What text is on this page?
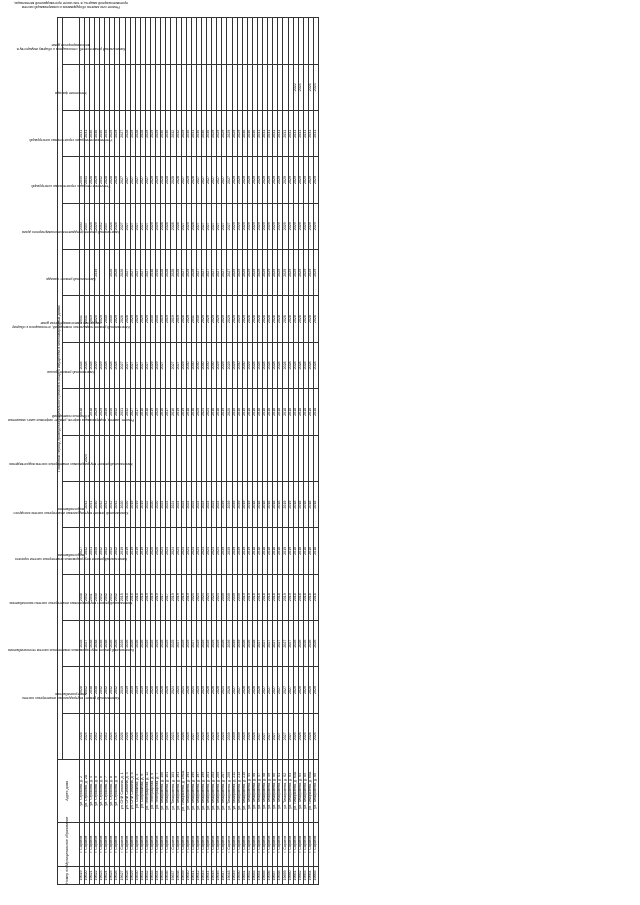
Номер п/п	Муниципальное образование	Адрес дома	Плановый период проведения капитального ремонта общего имущества в многоквартирных домах															
			Капитальный ремонт внутридомовых инженерных систем электроснабжения	Капитальный ремонт внутридомовых инженерных систем теплоснабжения	Капитальный ремонт внутридомовых инженерных систем газоснабжения	Капитальный ремонт внутридомовых инженерных систем горячего водоснабжения	Капитальный ремонт внутридомовых инженерных систем холодного водоснабжения	Капитальный ремонт внутридомовых инженерных систем водоотведения	Ремонт, замена, модернизация лифтов, ремонт лифтовых шахт, машинных и блочных помещений	Капитальный ремонт крыши	Капитальный ремонт подвальных помещений, относящихся к общему имуществу в многоквартирном доме	Капитальный ремонт фасада	Капитальный ремонт фундамента многоквартирного дома	Утепление несущих строительных конструкций	Утепление ненесущих строительных конструкций	Утепление фасада	Капитальный ремонт сетей, относящихся к общему имуществу в многоквартирном доме	Ремонт или замена оборудования и коммуникаций систем противопожарной защиты, в том числе противодымной вентиляции,
19619	г. Саратов	ул. Строкова, д. 2	2028	2028	2028	2038	2027			2018	2028	2031		2030	2040	2031		
19620	г. Саратов	ул. Строкова, д. 2А	2024	2042	2027	2042	2042	2042	2024		2028	2031		2037	2041	2031		
19621	г. Саратов	ул. Строкова, д. 4	2041	2038	2038	2041	2041	2041		2018	2028	2019		2028	2028	2030		
19622	г. Саратов	ул. Строкова, д. 5	2042	2038	2038	2040	2040	2040		2029	2029	2025	2039	2029	2029	2030		
19623	г. Саратов	ул. Строкова, д. 6	2042	2042	2038	2042	2042	2042		2029	2029	2029		2042	2042	2030		
19624	г. Саратов	ул. Строкова, д. 7	2042	2042	2038	2042	2042	2042		2040	2028	2030		2037	2028	2035		
19625	г. Саратов	ул. Строкова, д. 8	2024	2042	2026	2042	2042	2042		2040	2028	2030	2026	2028	2028	2029		
19626	г. Саратов	ул. Строкова, д. 9	2024	2042	2026	2042	2042	2042		2042	2028	2029	2026	2028	2028	2029		
19627	г. Саратов	ул. СНИ Силкина, д. 1	2026	2019	2026	2015	2019	2020		2031	2027	2026	2026	2027	2027	2027		
19628	г. Саратов	ул. СНИ Силкина, д. 3	2026	2019	2026	2015	2019	2020		2032	2027	2028	2027	2027	2027	2028		
19629	г. Саратов	ул. СНИ Силкина, д. 5	2026	2019	2026	2015	2019	2019		2027	2027	2029	2027	2027	2027	2029		
19630	г. Саратов	ул. Скорняжная, д. 4	2026	2019	2026	2018	2019	2019		2017	2027	2029	2027	2027	2027	2028		
19631	г. Саратов	ул. Скорняжная, д. 6	2025	2019	2026	2018	2019	2019		2018	2027	2029	2027	2027	2027	2028		
19632	г. Саратов	ул. Телеграфная, д. 12	2025	2020	2025	2019	2022	2022		2018	2027	2029	2027	2027	2027	2029		
19633	г. Саратов	ул. Телеграфная, д. 5	2025	2020	2025	2019	2020	2020		2019	2029	2030	2038	2029	2029	2029		
19634	г. Саратов	ул. Телеграфная, д. 7	2025	2026	2025	2019	2020	2020		2020	2029	2030	2040	2029	2029	2029		
19635	г. Саратов	ул. Тимирязева, д. 100	2026	2026	2028	2017	2024	2024		2016	2027	2019	2028	2028	2028	2030		
19636	г. Саратов	ул. Тимирязева, д. 101	2025	2026	2025	2017	2024	2024		2017		2019	2028	2028	2028	2030		
19637	г. Саратов	ул. Тимирязева, д. 103	2023	2024	2025	2019	2024	2024		2016	2027	2019	2028	2028	2028	2032		
19638	г. Саратов	ул. Тимирязева, д. 191	2025	2024	2027	2019	2024	2024		2019	2027	2019	2028	2028	2028	2032		
19639	г. Саратов	ул. Тимирязева, д. 191А	2026	2024	2025	2019	2024	2024		2019	2029	2028	2027	2027	2027	2029		
19640	г. Саратов	ул. Тимирязева, д. 193	2025	2026	2025	2019	2024	2024		2018	2030	2029	2029	2029	2029	2030		
19641	г. Саратов	ул. Тимирязева, д. 195	2027	2024	2027	2024	2024	2024		2018	2030	2031	2028	2028	2028	2031		
19642	г. Саратов	ул. Тимирязева, д. 197	2025	2025	2025	2024	2024	2024		2025	2030	2030	2027	2027	2027	2030		
19643	г. Саратов	ул. Тимирязева, д. 199	2025	2025	2025	2024	2024	2024		2024	2030	2029	2027	2027	2027	2030		
19644	г. Саратов	ул. Тимирязева, д. 201	2025	2026	2025	2024	2024	2024		2024	2030	2029	2027	2027	2027	2030		
19645	г. Саратов	ул. Тимирязева, д. 203	2025	2026	2025	2024	2024	2024		2018	2030	2029	2027	2027	2027	2029		
19646	г. Саратов	ул. Тимирязева, д. 205	2025	2026	2025	2024	2024	2024		2018	2029	2029	2027	2027	2027	2029		
19647	г. Саратов	ул. Тимирязева, д. 207	2025	2024	2026	2039	2039	2039		2019	2029	2029	2027	2027	2027	2029		
19648	г. Саратов	ул. Тимирязева, д. 209	2039	2026	2039	2039	2039	2039		2020	2029	2029	2027	2027	2027	2029		
19649	г. Саратов	ул. Тимирязева, д. 211	2039	2027	2039	2039	2039	2039		2015	2029	2029	2029	2029	2029	2029		
19650	г. Саратов	ул. Тимирязева, д. 213	2039	2027	2039	2039	2039	2039		2016	2030	2029	2029	2029	2029	2029		
19651	г. Саратов	ул. Тимирязева, д. 215	2025	2026	2026	2019	2019	2019		2015	2030	2029	2029	2029	2029	2030		
19652	г. Саратов	ул. Тимирязева, д. 54	2026	2026	2026	2019	2019	2019		2018	2029	2028	2029	2029	2029	2030		
19653	г. Саратов	ул. Тимирязева, д. 56	2026	2026	2028	2018	2018	2018		2018	2028	2028	2029	2029	2029	2030		
19654	г. Саратов	ул. Тимирязева, д. 57	2027	2026	2027	2018	2018	2018		2018	2028	2028	2029	2029	2029	2031		
19655	г. Саратов	ул. Тимирязева, д. 58	2027	2027	2027	2018	2018	2018		2018	2028	2028	2029	2029	2029	2031		
19656	г. Саратов	ул. Тимирязева, д. 59	2027	2027	2027	2018	2018	2018		2018	2028	2028	2029	2029	2029	2031		
19657	г. Саратов	ул. Тимирязева, д. 60	2027	2027	2027	2018	2018	2018		2018	2028	2028	2029	2029	2029	2031		
19658	г. Саратов	ул. Тимирязева, д. 61	2027	2027	2027	2018	2018	2018		2018	2028	2028	2029	2029	2029	2031		
19659	г. Саратов	ул. Тимирязева, д. 62	2027	2027	2027	2019	2019	2019		2018	2028	2028	2029	2029	2029	2031		
19660	г. Саратов	ул. Тимирязева, д. 63	2027	2027	2027	2019	2019	2019		2018	2028	2028	2029	2029	2029	2031		
19661	г. Саратов	ул. Тимирязева, д. 63А	2026	2026	2026	2018	2018	2018		2018	2028	2028	2029	2029	2029	2031	2022	
19662	г. Саратов	ул. Тимирязева, д. 64	2026	2026	2026	2018	2018	2018		2018	2028	2028	2029	2029	2029	2031	2024	
19663	г. Саратов	ул. Тимирязева, д. 65	2026	2026	2026	2018	2018	2018		2018	2028	2028	2029	2029	2029	2031		
19664	г. Саратов	ул. Тимирязева, д. 65А	2026	2026	2026	2018	2018	2018		2018	2028	2028	2029	2029	2029	2031	2026	
19665	г. Саратов	ул. Тимирязева, д. 66	2026	2026	2026	2018	2018	2018		2018	2028	2028	2029	2029	2029	2031	2023	
